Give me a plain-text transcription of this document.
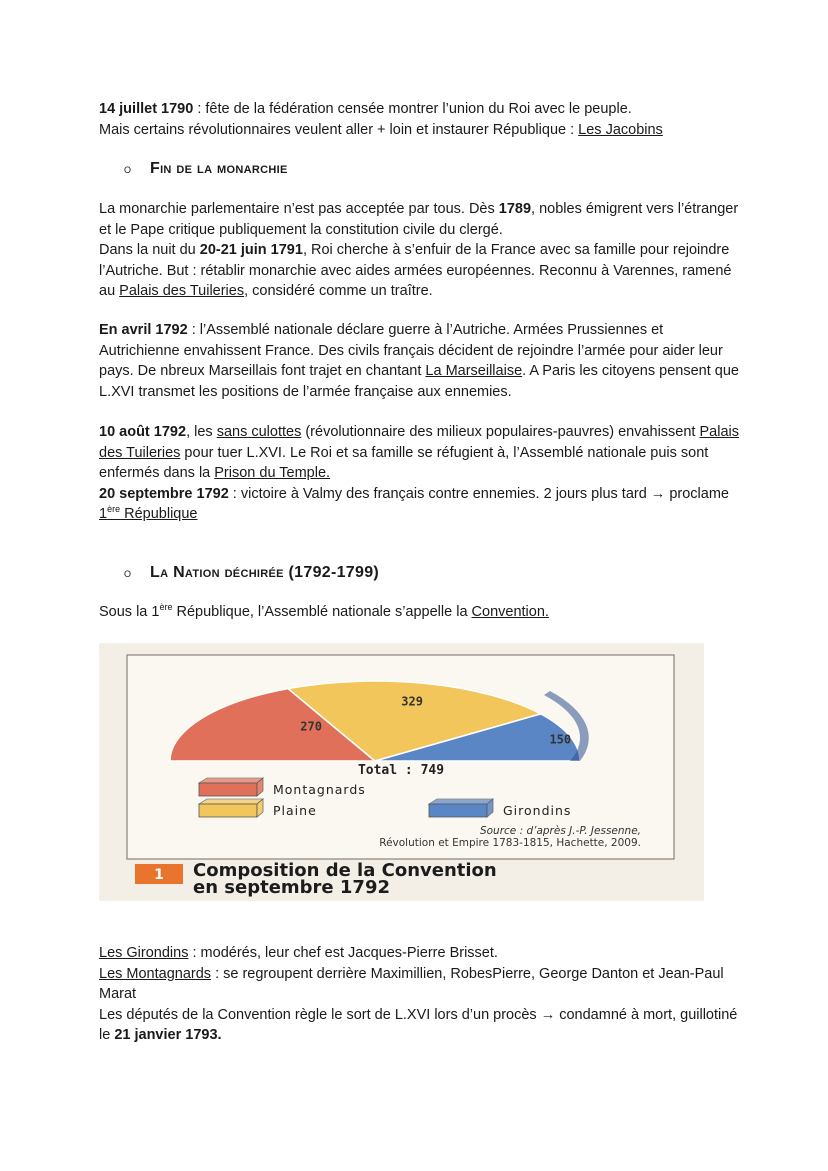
14 juillet 1790 : fête de la fédération censée montrer l’union du Roi avec le peuple.
Mais certains révolutionnaires veulent aller + loin et instaurer République : Les Jacobins

o Fin de la monarchie

La monarchie parlementaire n’est pas acceptée par tous. Dès 1789, nobles émigrent vers l’étranger et le Pape critique publiquement la constitution civile du clergé.
Dans la nuit du 20-21 juin 1791, Roi cherche à s’enfuir de la France avec sa famille pour rejoindre l’Autriche. But : rétablir monarchie avec aides armées européennes. Reconnu à Varennes, ramené au Palais des Tuileries, considéré comme un traître.

En avril 1792 : l’Assemblé nationale déclare guerre à l’Autriche. Armées Prussiennes et Autrichienne envahissent France. Des civils français décident de rejoindre l’armée pour aider leur pays. De nbreux Marseillais font trajet en chantant La Marseillaise. A Paris les citoyens pensent que L.XVI transmet les positions de l’armée française aux ennemies.

10 août 1792, les sans culottes (révolutionnaire des milieux populaires-pauvres) envahissent Palais des Tuileries pour tuer L.XVI. Le Roi et sa famille se réfugient à, l’Assemblé nationale puis sont enfermés dans la Prison du Temple.
20 septembre 1792 : victoire à Valmy des français contre ennemies. 2 jours plus tard → proclame 1ère République

o La Nation déchirée (1792-1799)

Sous la 1ère République, l’Assemblé nationale s’appelle la Convention.

270
329
150
Total : 749
Montagnards
Plaine	Girondins
Source : d’après J.-P. Jessenne,
Révolution et Empire 1783-1815, Hachette, 2009.
1 Composition de la Convention
en septembre 1792

Les Girondins : modérés, leur chef est Jacques-Pierre Brisset.
Les Montagnards : se regroupent derrière Maximillien, RobesPierre, George Danton et Jean-Paul Marat
Les députés de la Convention règle le sort de L.XVI lors d’un procès → condamné à mort, guillotiné le 21 janvier 1793.
